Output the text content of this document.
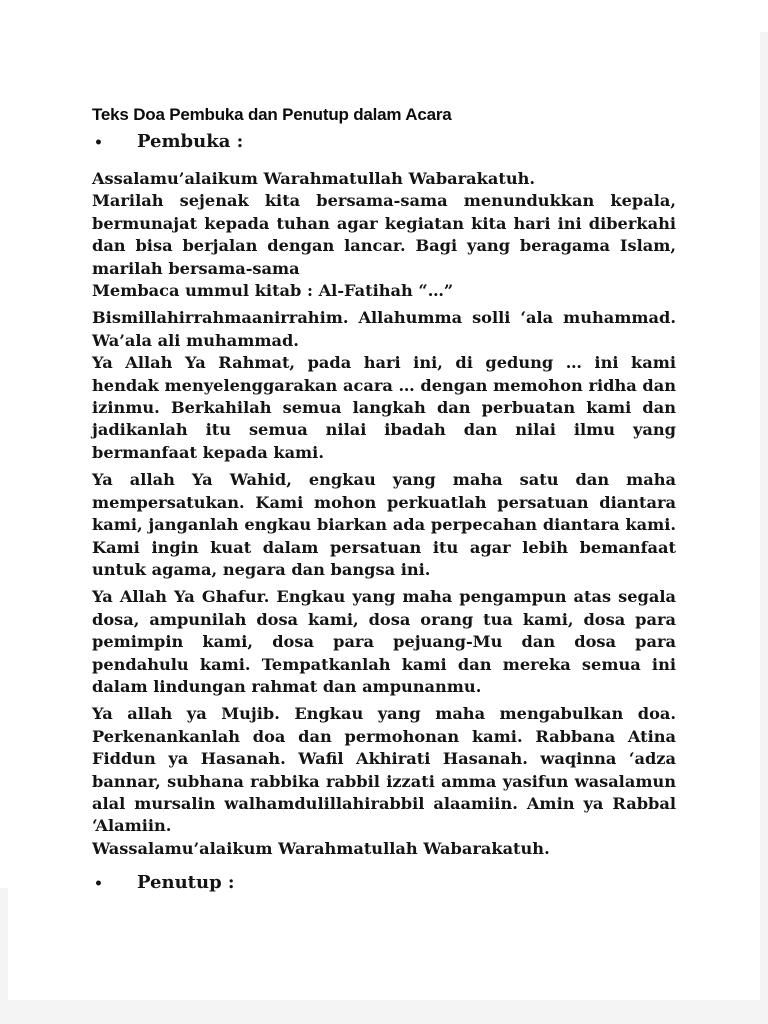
Teks Doa Pembuka dan Penutup dalam Acara
•	Pembuka :
Assalamu’alaikum Warahmatullah Wabarakatuh.
Marilah sejenak kita bersama-sama menundukkan kepala,
bermunajat kepada tuhan agar kegiatan kita hari ini diberkahi
dan bisa berjalan dengan lancar. Bagi yang beragama Islam,
marilah bersama-sama
Membaca ummul kitab : Al-Fatihah “…”
Bismillahirrahmaanirrahim. Allahumma solli ‘ala muhammad.
Wa’ala ali muhammad.
Ya Allah Ya Rahmat, pada hari ini, di gedung … ini kami
hendak menyelenggarakan acara … dengan memohon ridha dan
izinmu. Berkahilah semua langkah dan perbuatan kami dan
jadikanlah itu semua nilai ibadah dan nilai ilmu yang
bermanfaat kepada kami.
Ya allah Ya Wahid, engkau yang maha satu dan maha
mempersatukan. Kami mohon perkuatlah persatuan diantara
kami, janganlah engkau biarkan ada perpecahan diantara kami.
Kami ingin kuat dalam persatuan itu agar lebih bemanfaat
untuk agama, negara dan bangsa ini.
Ya Allah Ya Ghafur. Engkau yang maha pengampun atas segala
dosa, ampunilah dosa kami, dosa orang tua kami, dosa para
pemimpin kami, dosa para pejuang-Mu dan dosa para
pendahulu kami. Tempatkanlah kami dan mereka semua ini
dalam lindungan rahmat dan ampunanmu.
Ya allah ya Mujib. Engkau yang maha mengabulkan doa.
Perkenankanlah doa dan permohonan kami. Rabbana Atina
Fiddun ya Hasanah. Wafil Akhirati Hasanah. waqinna ‘adza
bannar, subhana rabbika rabbil izzati amma yasifun wasalamun
alal mursalin walhamdulillahirabbil alaamiin. Amin ya Rabbal
‘Alamiin.
Wassalamu’alaikum Warahmatullah Wabarakatuh.
•	Penutup :
